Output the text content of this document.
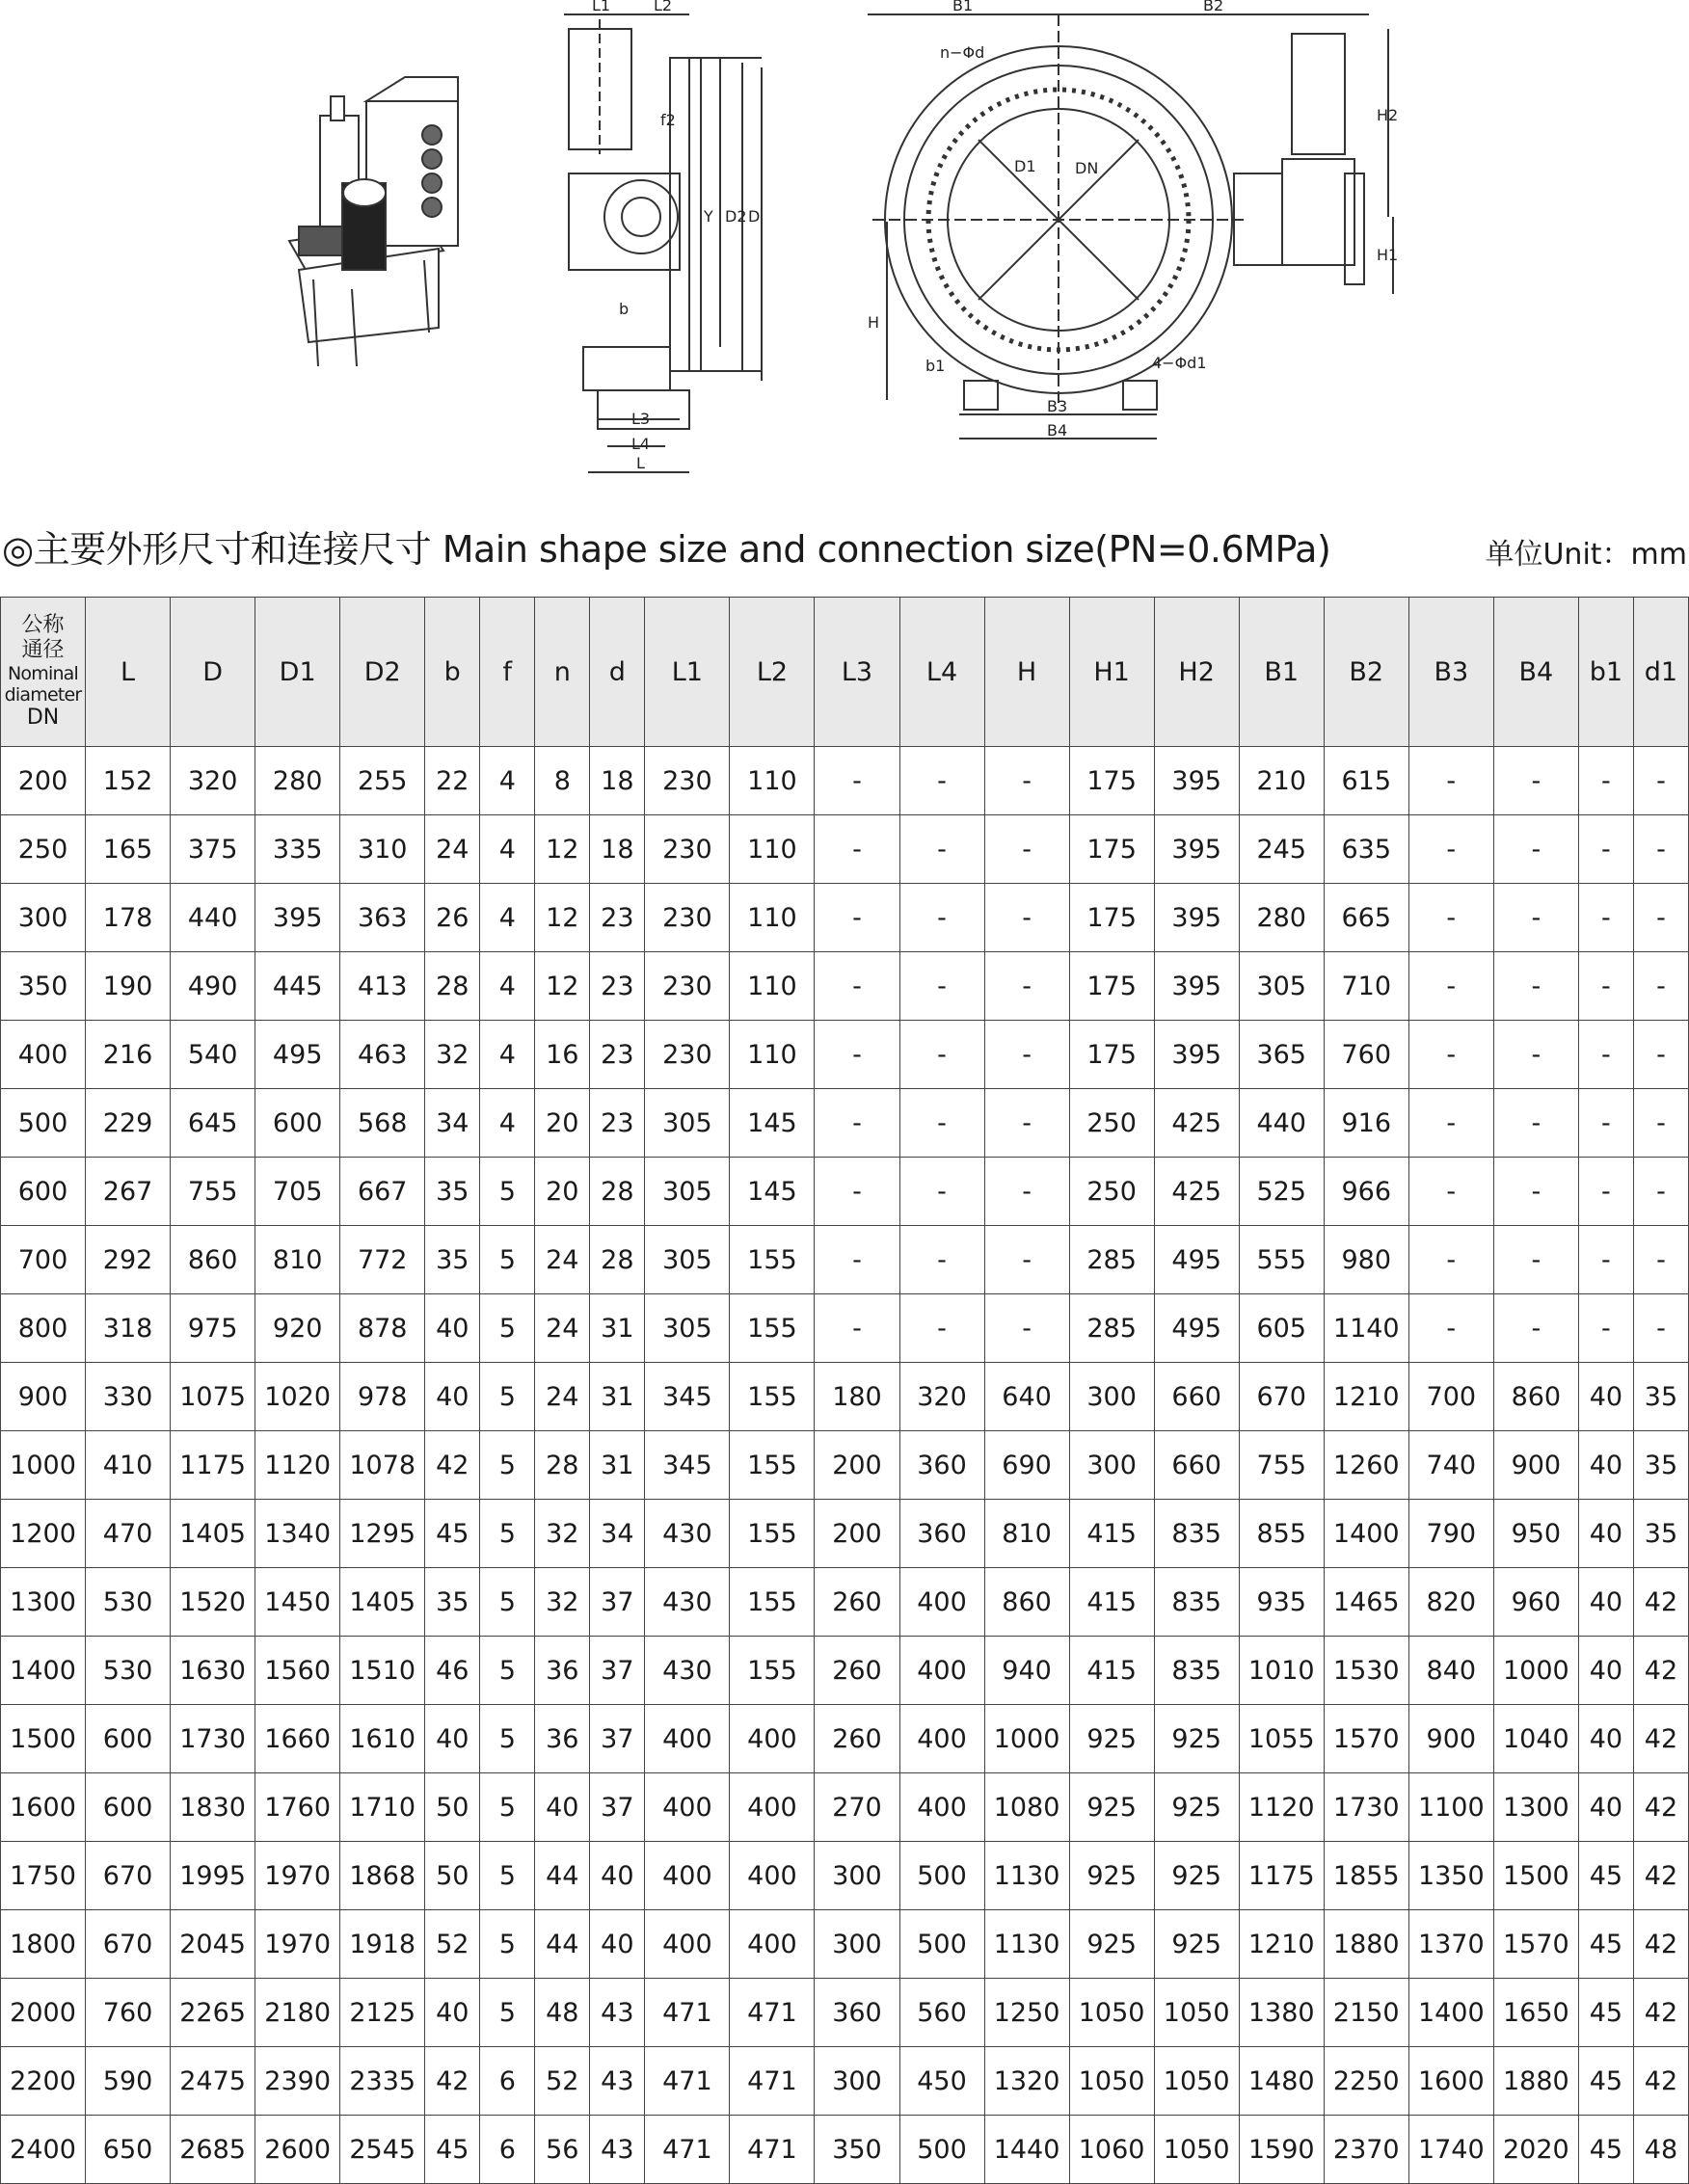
L1	L2
f2
Y D2 D
b
L3
L4
L
B1	B2
n−Φd
D1	DN
H
H1
H2
b1
B3
B4
4−Φd1
◎主要外形尺寸和连接尺寸 Main shape size and connection size(PN=0.6MPa)	单位Unit：mm
公称
通径
Nominal
diameter
DN	L	D	D1	D2	b	f	n	d	L1	L2	L3	L4	H	H1	H2	B1	B2	B3	B4	b1	d1
200	152	320	280	255	22	4	8	18	230	110	-	-	-	175	395	210	615	-	-	-	-
250	165	375	335	310	24	4	12	18	230	110	-	-	-	175	395	245	635	-	-	-	-
300	178	440	395	363	26	4	12	23	230	110	-	-	-	175	395	280	665	-	-	-	-
350	190	490	445	413	28	4	12	23	230	110	-	-	-	175	395	305	710	-	-	-	-
400	216	540	495	463	32	4	16	23	230	110	-	-	-	175	395	365	760	-	-	-	-
500	229	645	600	568	34	4	20	23	305	145	-	-	-	250	425	440	916	-	-	-	-
600	267	755	705	667	35	5	20	28	305	145	-	-	-	250	425	525	966	-	-	-	-
700	292	860	810	772	35	5	24	28	305	155	-	-	-	285	495	555	980	-	-	-	-
800	318	975	920	878	40	5	24	31	305	155	-	-	-	285	495	605	1140	-	-	-	-
900	330	1075	1020	978	40	5	24	31	345	155	180	320	640	300	660	670	1210	700	860	40	35
1000	410	1175	1120	1078	42	5	28	31	345	155	200	360	690	300	660	755	1260	740	900	40	35
1200	470	1405	1340	1295	45	5	32	34	430	155	200	360	810	415	835	855	1400	790	950	40	35
1300	530	1520	1450	1405	35	5	32	37	430	155	260	400	860	415	835	935	1465	820	960	40	42
1400	530	1630	1560	1510	46	5	36	37	430	155	260	400	940	415	835	1010	1530	840	1000	40	42
1500	600	1730	1660	1610	40	5	36	37	400	400	260	400	1000	925	925	1055	1570	900	1040	40	42
1600	600	1830	1760	1710	50	5	40	37	400	400	270	400	1080	925	925	1120	1730	1100	1300	40	42
1750	670	1995	1970	1868	50	5	44	40	400	400	300	500	1130	925	925	1175	1855	1350	1500	45	42
1800	670	2045	1970	1918	52	5	44	40	400	400	300	500	1130	925	925	1210	1880	1370	1570	45	42
2000	760	2265	2180	2125	40	5	48	43	471	471	360	560	1250	1050	1050	1380	2150	1400	1650	45	42
2200	590	2475	2390	2335	42	6	52	43	471	471	300	450	1320	1050	1050	1480	2250	1600	1880	45	42
2400	650	2685	2600	2545	45	6	56	43	471	471	350	500	1440	1060	1050	1590	2370	1740	2020	45	48
